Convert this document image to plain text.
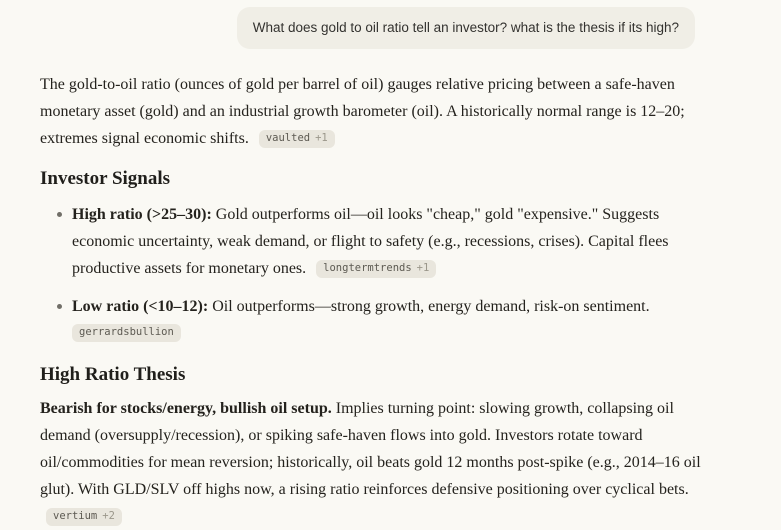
What does gold to oil ratio tell an investor? what is the thesis if its high?

The gold-to-oil ratio (ounces of gold per barrel of oil) gauges relative pricing between a safe-haven monetary asset (gold) and an industrial growth barometer (oil). A historically normal range is 12–20; extremes signal economic shifts. vaulted +1

Investor Signals
High ratio (>25–30): Gold outperforms oil—oil looks "cheap," gold "expensive." Suggests economic uncertainty, weak demand, or flight to safety (e.g., recessions, crises). Capital flees productive assets for monetary ones. longtermtrends +1
Low ratio (<10–12): Oil outperforms—strong growth, energy demand, risk-on sentiment.
gerrardsbullion
High Ratio Thesis

Bearish for stocks/energy, bullish oil setup. Implies turning point: slowing growth, collapsing oil demand (oversupply/recession), or spiking safe-haven flows into gold. Investors rotate toward oil/commodities for mean reversion; historically, oil beats gold 12 months post-spike (e.g., 2014–16 oil glut). With GLD/SLV off highs now, a rising ratio reinforces defensive positioning over cyclical bets. vertium +2
